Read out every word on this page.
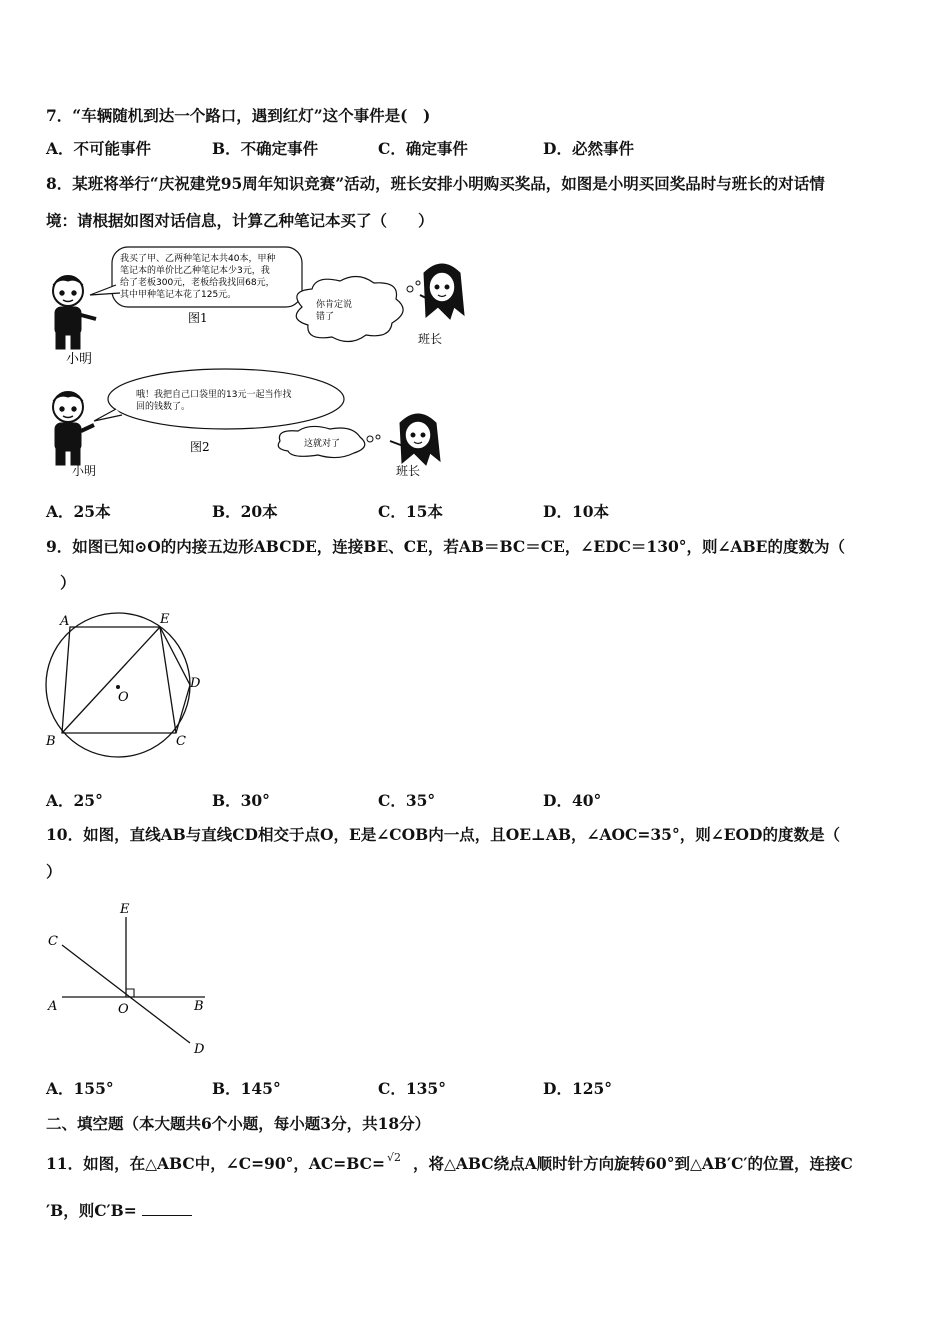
7．“车辆随机到达一个路口，遇到红灯”这个事件是(　)
A．不可能事件	B．不确定事件	C．确定事件	D．必然事件
8．某班将举行“庆祝建党95周年知识竞赛”活动，班长安排小明购买奖品，如图是小明买回奖品时与班长的对话情
境：请根据如图对话信息，计算乙种笔记本买了（　　）
小明
我买了甲、乙两种笔记本共40本，甲种
笔记本的单价比乙种笔记本少3元，我
给了老板300元，老板给我找回68元，
其中甲种笔记本花了125元。
图1
你肯定说
错了
班长
小明
哦！我把自己口袋里的13元一起当作找
回的钱数了。
图2	这就对了
班长
A．25本	B．20本	C．15本	D．10本
9．如图已知⊙O的内接五边形ABCDE，连接BE、CE，若AB＝BC＝CE，∠EDC＝130°，则∠ABE的度数为（
）
A	E
D
C
B
O
A．25°	B．30°	C．35°	D．40°
10．如图，直线AB与直线CD相交于点O，E是∠COB内一点，且OE⊥AB，∠AOC=35°，则∠EOD的度数是（
）
E
C
A	O	B
D
A．155°	B．145°	C．135°	D．125°
二、填空题（本大题共6个小题，每小题3分，共18分）
11．如图，在△ABC中，∠C=90°，AC=BC= √2 ，将△ABC绕点A顺时针方向旋转60°到△AB′C′的位置，连接C
′B，则C′B=
